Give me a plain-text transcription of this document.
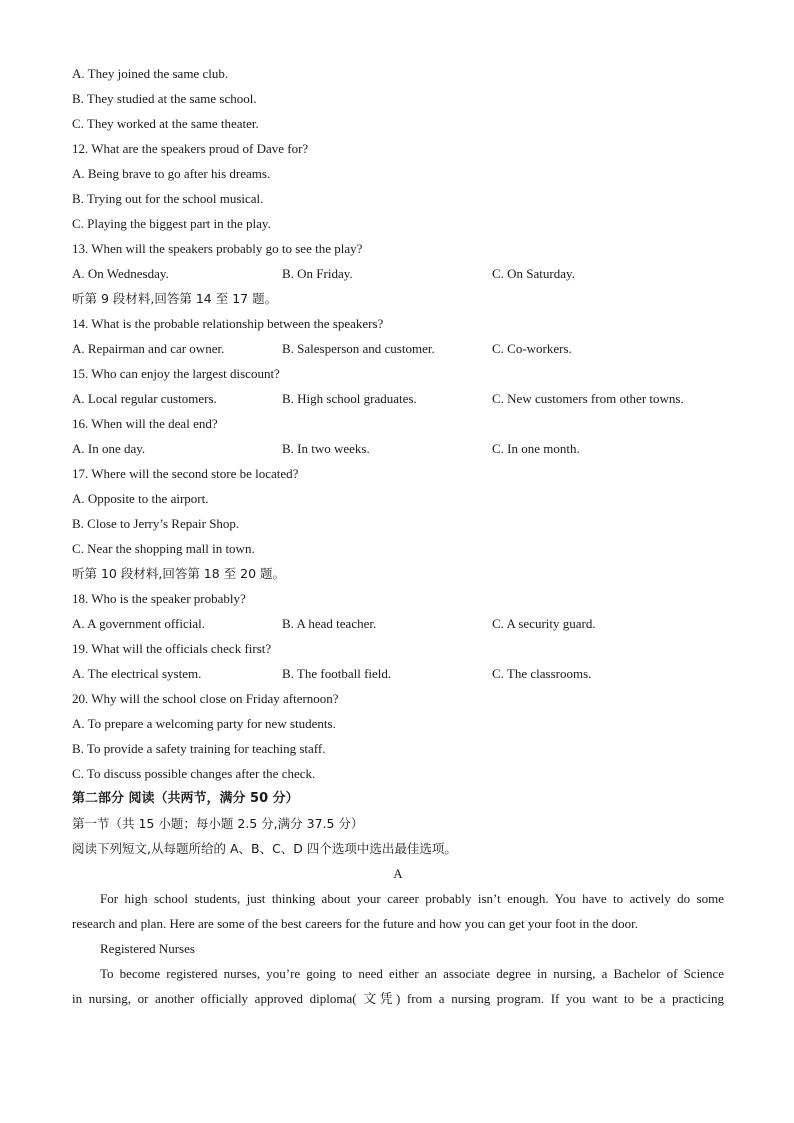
A. They joined the same club.
B. They studied at the same school.
C. They worked at the same theater.
12. What are the speakers proud of Dave for?
A. Being brave to go after his dreams.
B. Trying out for the school musical.
C. Playing the biggest part in the play.
13. When will the speakers probably go to see the play?
A. On Wednesday.	B. On Friday.	C. On Saturday.
听第 9 段材料,回答第 14 至 17 题。
14. What is the probable relationship between the speakers?
A. Repairman and car owner.	B. Salesperson and customer.	C. Co-workers.
15. Who can enjoy the largest discount?
A. Local regular customers.	B. High school graduates.	C. New customers from other towns.
16. When will the deal end?
A. In one day.	B. In two weeks.	C. In one month.
17. Where will the second store be located?
A. Opposite to the airport.
B. Close to Jerry’s Repair Shop.
C. Near the shopping mall in town.
听第 10 段材料,回答第 18 至 20 题。
18. Who is the speaker probably?
A. A government official.	B. A head teacher.	C. A security guard.
19. What will the officials check first?
A. The electrical system.	B. The football field.	C. The classrooms.
20. Why will the school close on Friday afternoon?
A. To prepare a welcoming party for new students.
B. To provide a safety training for teaching staff.
C. To discuss possible changes after the check.
第二部分 阅读（共两节，满分 50 分）
第一节（共 15 小题；每小题 2.5 分,满分 37.5 分）
阅读下列短文,从每题所给的 A、B、C、D 四个选项中选出最佳选项。
A
For high school students, just thinking about your career probably isn’t enough. You have to actively do some
research and plan. Here are some of the best careers for the future and how you can get your foot in the door.
Registered Nurses
To become registered nurses, you’re going to need either an associate degree in nursing, a Bachelor of Science
in nursing, or another officially approved diploma( 文凭) from a nursing program. If you want to be a practicing
